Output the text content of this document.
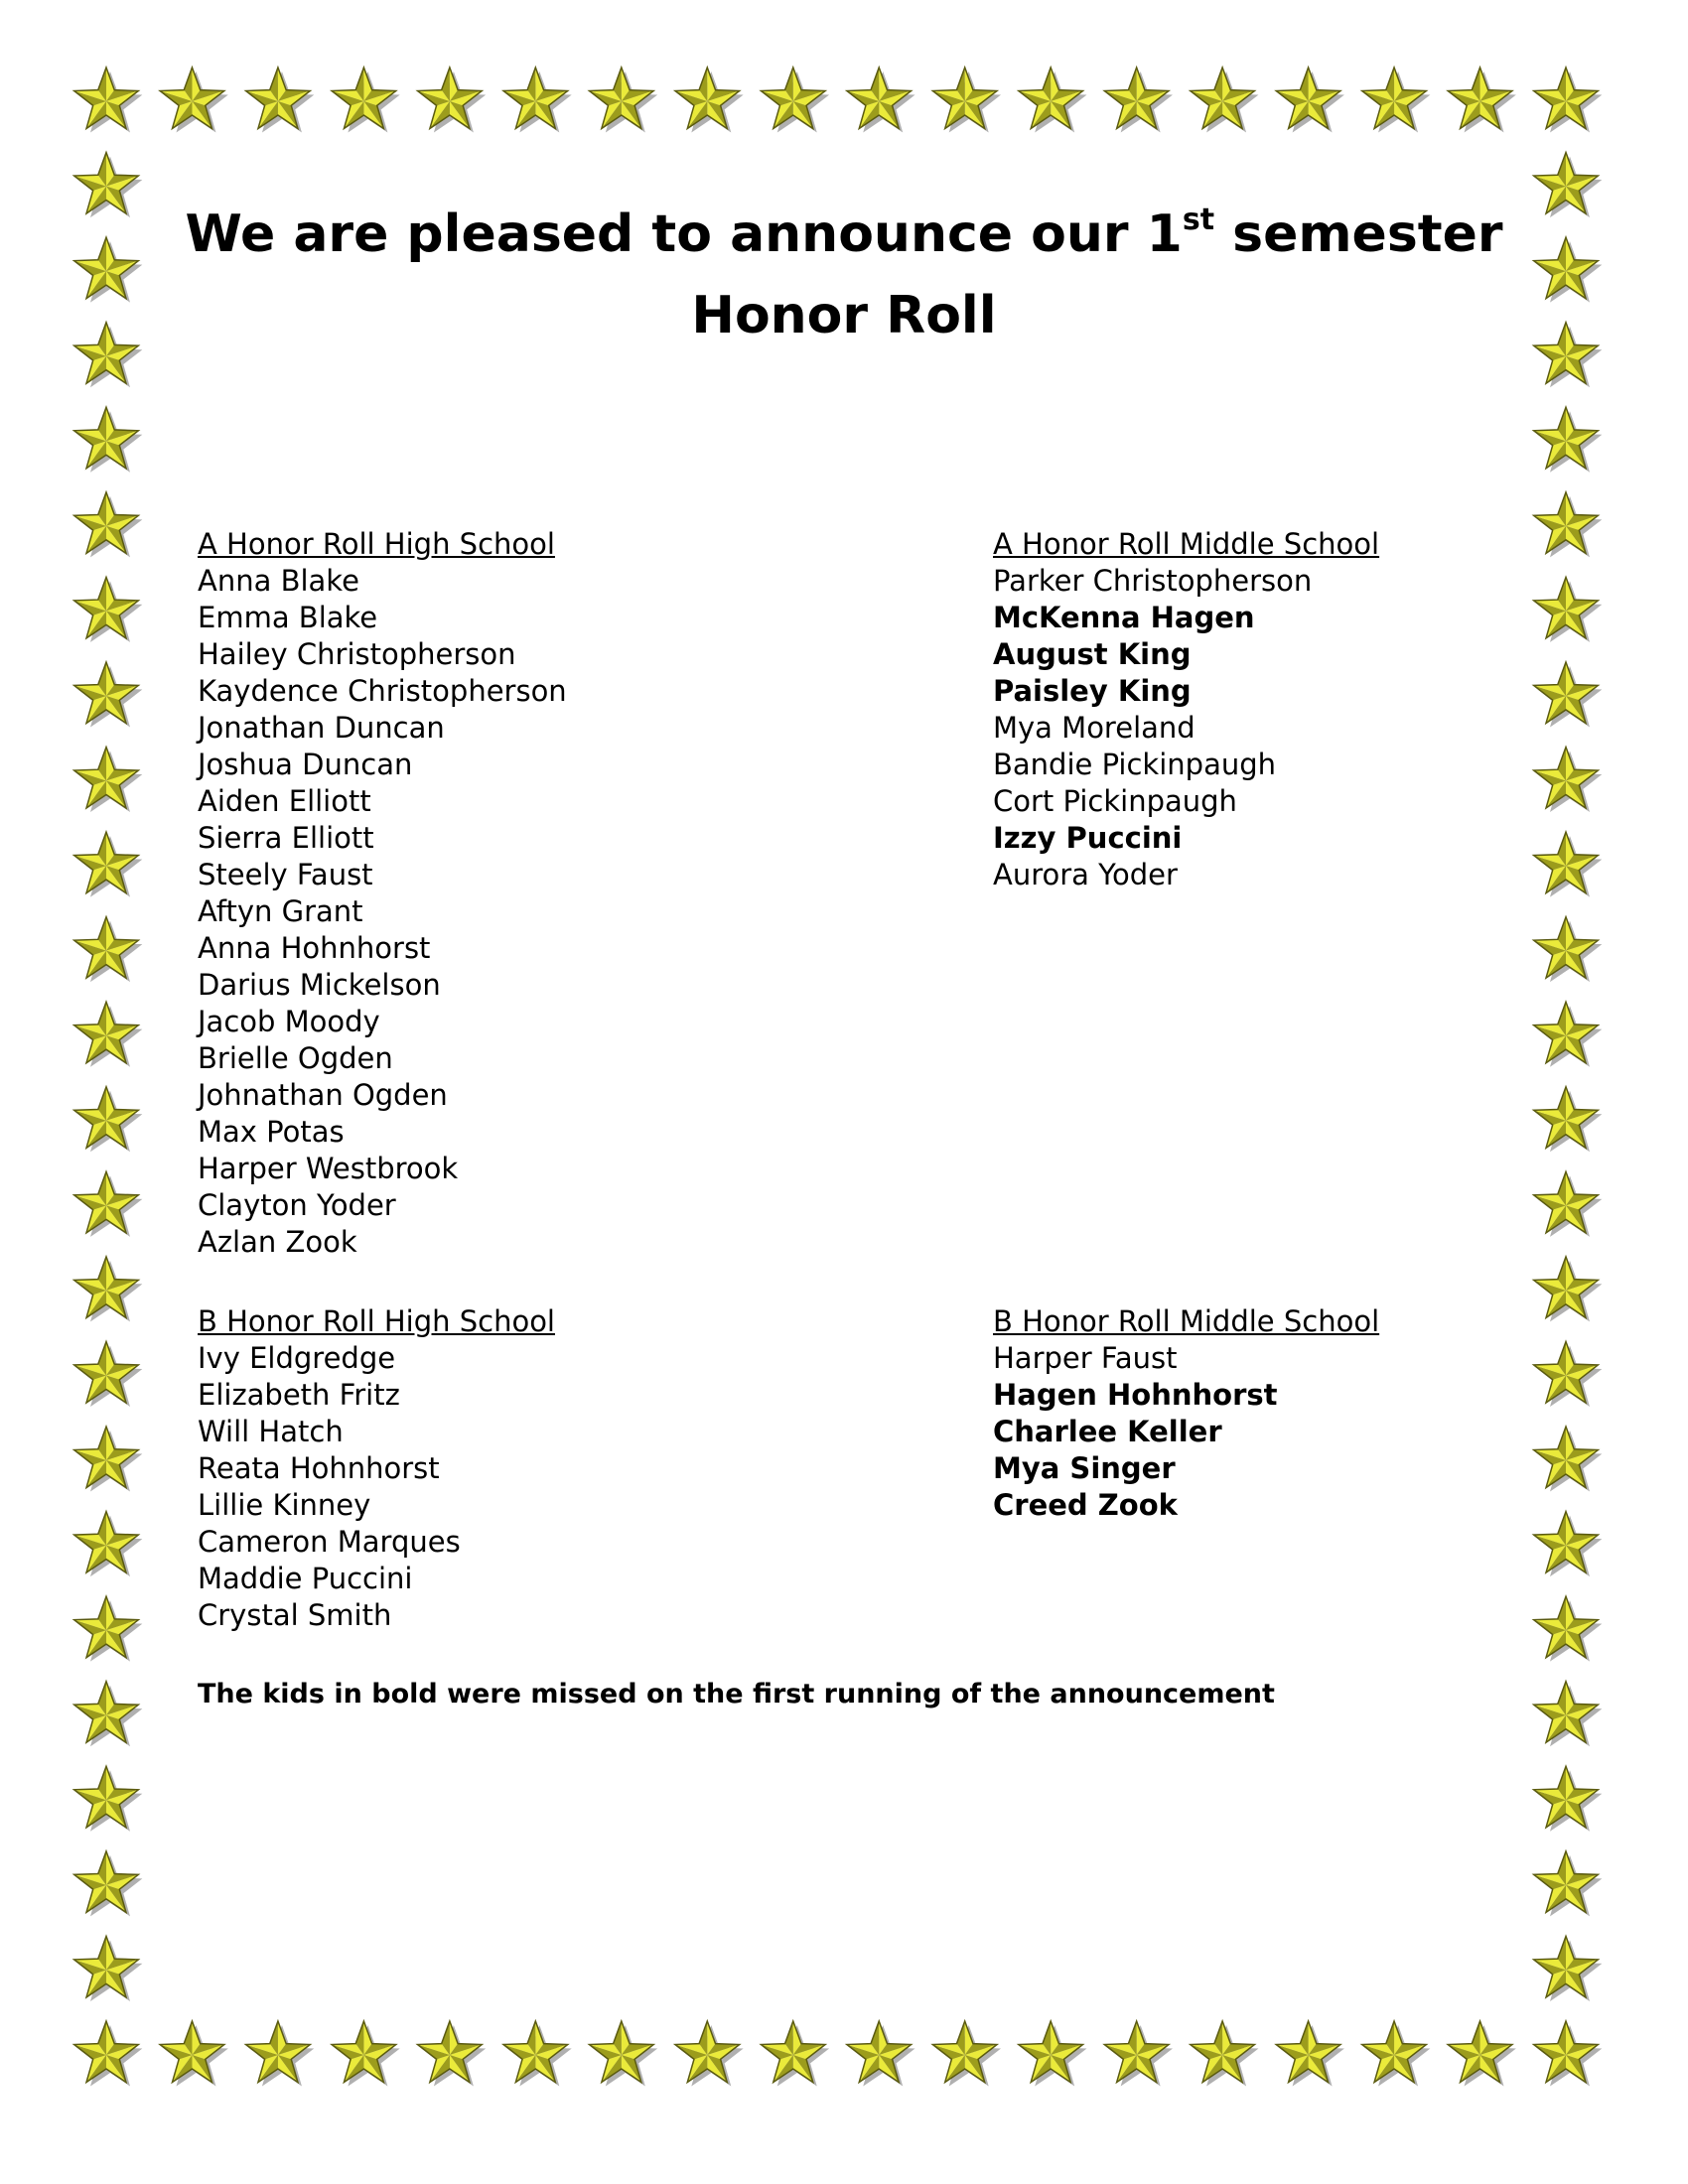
We are pleased to announce our 1st semester
Honor Roll
A Honor Roll High School
Anna Blake
Emma Blake
Hailey Christopherson
Kaydence Christopherson
Jonathan Duncan
Joshua Duncan
Aiden Elliott
Sierra Elliott
Steely Faust
Aftyn Grant
Anna Hohnhorst
Darius Mickelson
Jacob Moody
Brielle Ogden
Johnathan Ogden
Max Potas
Harper Westbrook
Clayton Yoder
Azlan Zook
A Honor Roll Middle School
Parker Christopherson
McKenna Hagen
August King
Paisley King
Mya Moreland
Bandie Pickinpaugh
Cort Pickinpaugh
Izzy Puccini
Aurora Yoder
B Honor Roll High School
Ivy Eldgredge
Elizabeth Fritz
Will Hatch
Reata Hohnhorst
Lillie Kinney
Cameron Marques
Maddie Puccini
Crystal Smith
B Honor Roll Middle School
Harper Faust
Hagen Hohnhorst
Charlee Keller
Mya Singer
Creed Zook
The kids in bold were missed on the first running of the announcement
